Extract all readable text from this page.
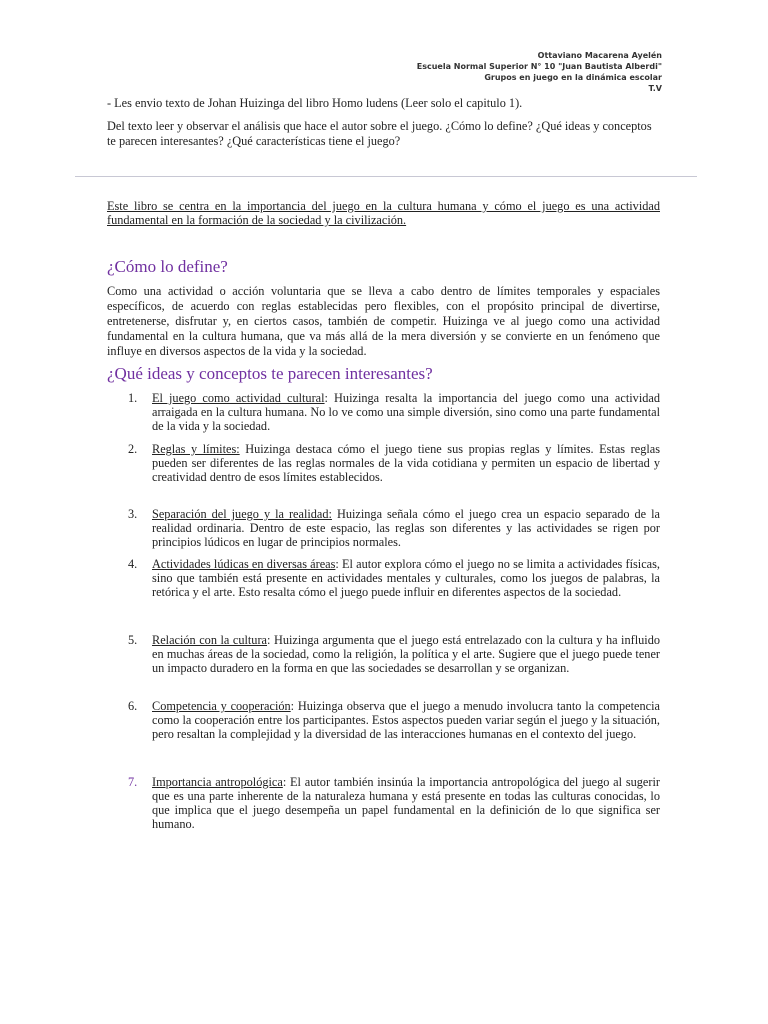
Ottaviano Macarena Ayelén
Escuela Normal Superior N° 10 "Juan Bautista Alberdi"
Grupos en juego en la dinámica escolar
T.V

- Les envio texto de Johan Huizinga del libro Homo ludens (Leer solo el capitulo 1).

Del texto leer y observar el análisis que hace el autor sobre el juego. ¿Cómo lo define? ¿Qué ideas y conceptos te parecen interesantes? ¿Qué características tiene el juego?

Este libro se centra en la importancia del juego en la cultura humana y cómo el juego es una actividad fundamental en la formación de la sociedad y la civilización.
¿Cómo lo define?
Como una actividad o acción voluntaria que se lleva a cabo dentro de límites temporales y espaciales específicos, de acuerdo con reglas establecidas pero flexibles, con el propósito principal de divertirse, entretenerse, disfrutar y, en ciertos casos, también de competir. Huizinga ve al juego como una actividad fundamental en la cultura humana, que va más allá de la mera diversión y se convierte en un fenómeno que influye en diversos aspectos de la vida y la sociedad.
¿Qué ideas y conceptos te parecen interesantes?
1.	El juego como actividad cultural: Huizinga resalta la importancia del juego como una actividad arraigada en la cultura humana. No lo ve como una simple diversión, sino como una parte fundamental de la vida y la sociedad.
2.	Reglas y límites: Huizinga destaca cómo el juego tiene sus propias reglas y límites. Estas reglas pueden ser diferentes de las reglas normales de la vida cotidiana y permiten un espacio de libertad y creatividad dentro de esos límites establecidos.
3.	Separación del juego y la realidad: Huizinga señala cómo el juego crea un espacio separado de la realidad ordinaria. Dentro de este espacio, las reglas son diferentes y las actividades se rigen por principios lúdicos en lugar de principios normales.
4.	Actividades lúdicas en diversas áreas: El autor explora cómo el juego no se limita a actividades físicas, sino que también está presente en actividades mentales y culturales, como los juegos de palabras, la retórica y el arte. Esto resalta cómo el juego puede influir en diferentes aspectos de la sociedad.
5.	Relación con la cultura: Huizinga argumenta que el juego está entrelazado con la cultura y ha influido en muchas áreas de la sociedad, como la religión, la política y el arte. Sugiere que el juego puede tener un impacto duradero en la forma en que las sociedades se desarrollan y se organizan.
6.	Competencia y cooperación: Huizinga observa que el juego a menudo involucra tanto la competencia como la cooperación entre los participantes. Estos aspectos pueden variar según el juego y la situación, pero resaltan la complejidad y la diversidad de las interacciones humanas en el contexto del juego.
7.	Importancia antropológica: El autor también insinúa la importancia antropológica del juego al sugerir que es una parte inherente de la naturaleza humana y está presente en todas las culturas conocidas, lo que implica que el juego desempeña un papel fundamental en la definición de lo que significa ser humano.
